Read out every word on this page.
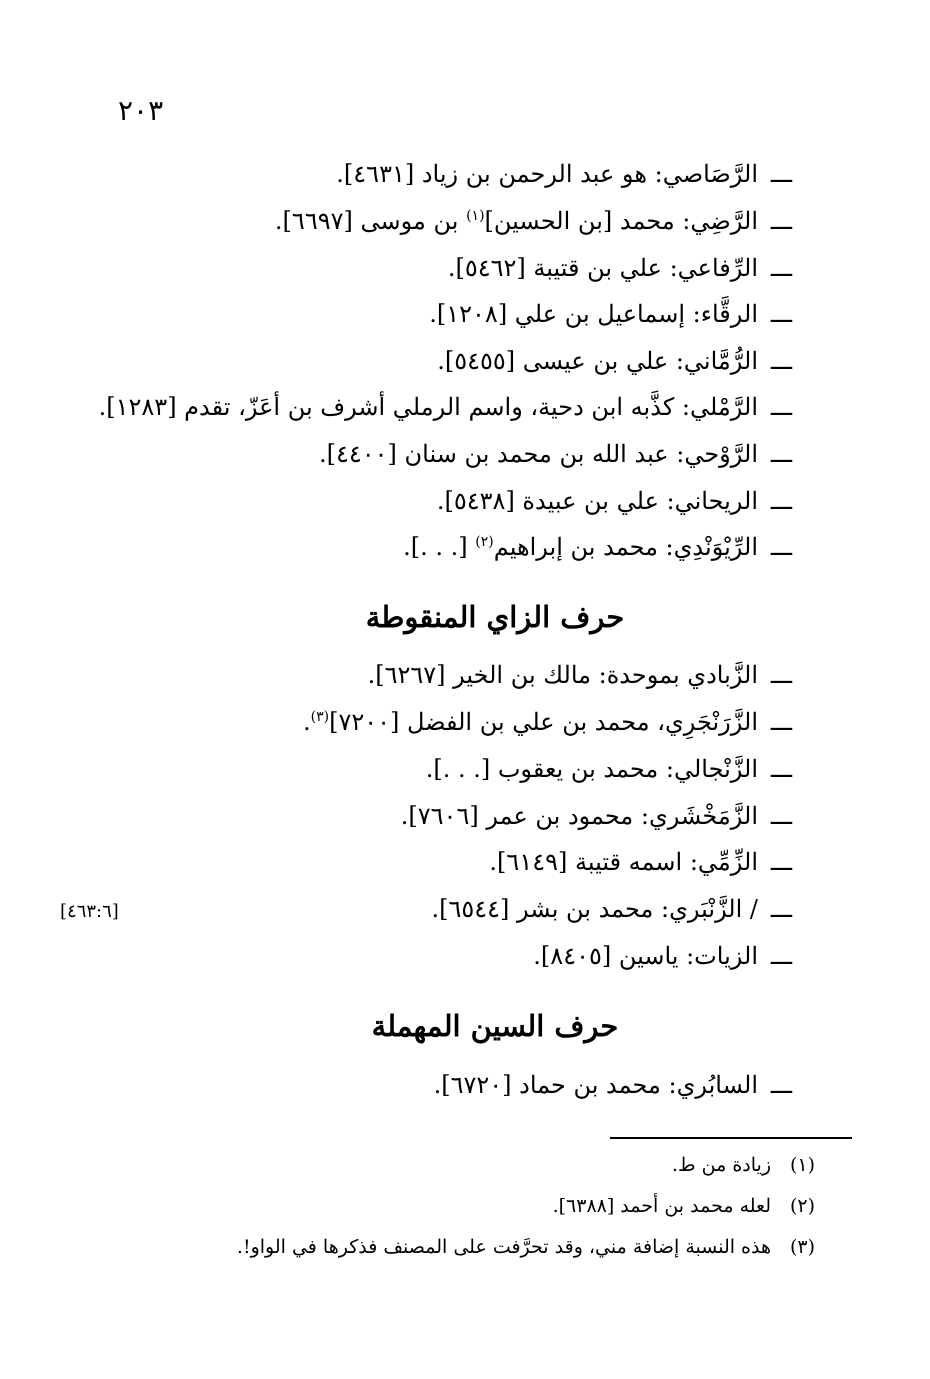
٢٠٣
ـــالرَّصَاصي: هو عبد الرحمن بن زياد [٤٦٣١].
ـــالرَّضِي: محمد [بن الحسين]$^{(١)}$ بن موسى [٦٦٩٧].
ـــالرِّفاعي: علي بن قتيبة [٥٤٦٢].
ـــالرقَّاء: إسماعيل بن علي [١٢٠٨].
ـــالرُّمَّاني: علي بن عيسى [٥٤٥٥].
ـــالرَّمْلي: كذَّبه ابن دحية، واسم الرملي أشرف بن أعَزّ، تقدم [١٢٨٣].
ـــالرَّوْحي: عبد الله بن محمد بن سنان [٤٤٠٠].
ـــالريحاني: علي بن عبيدة [٥٤٣٨].
ـــالرِّيْوَنْدِي: محمد بن إبراهيم$^{(٢)}$ [. . .].
حرف الزاي المنقوطة
ـــالزَّبادي بموحدة: مالك بن الخير [٦٢٦٧].
ـــالزَّرَنْجَرِي، محمد بن علي بن الفضل [٧٢٠٠]$^{(٣)}$.
ـــالزَّنْجالي: محمد بن يعقوب [. . .].
ـــالزَّمَخْشَري: محمود بن عمر [٧٦٠٦].
ـــالزِّمِّي: اسمه قتيبة [٦١٤٩].
ـــ/ الزَّنْبَري: محمد بن بشر [٦٥٤٤].
ـــالزيات: ياسين [٨٤٠٥].
[٤٦٣:٦]
حرف السين المهملة
ـــالسابُري: محمد بن حماد [٦٧٢٠].
(١)زيادة من ط.
(٢)لعله محمد بن أحمد [٦٣٨٨].
(٣)هذه النسبة إضافة مني، وقد تحرَّفت على المصنف فذكرها في الواو!.
